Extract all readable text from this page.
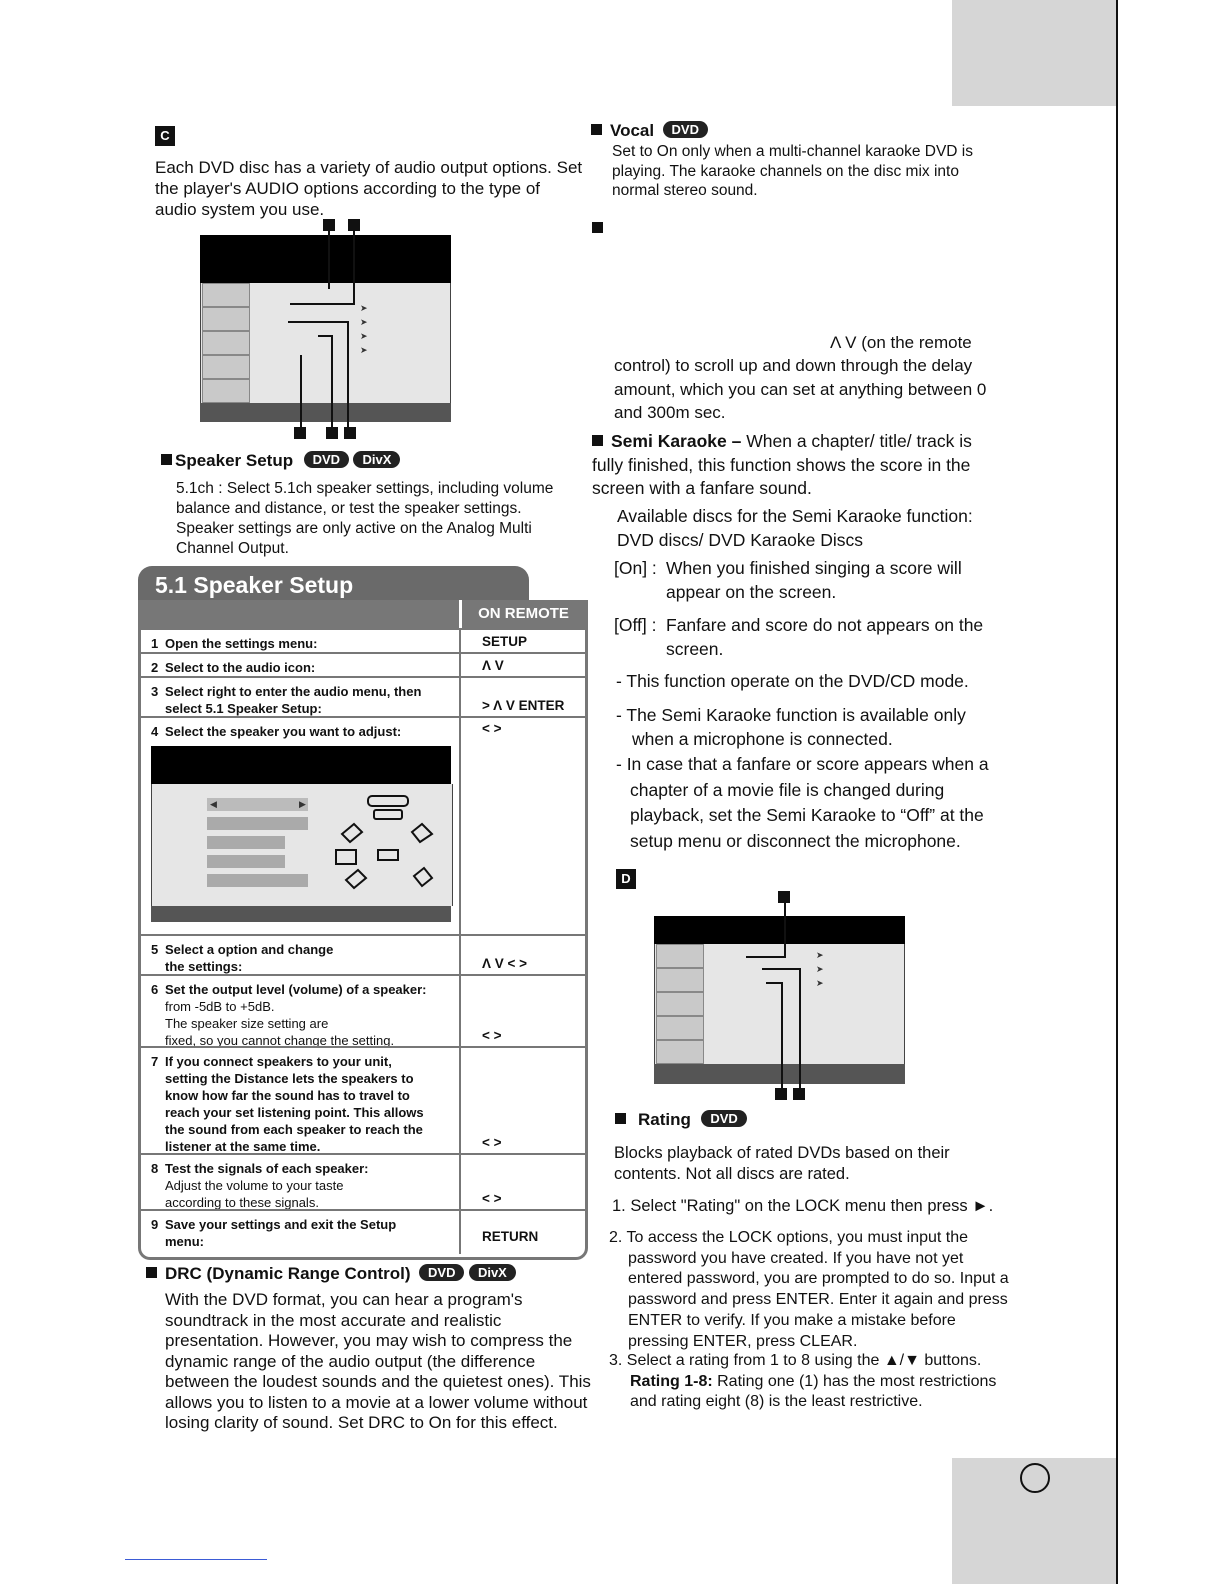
C
Each DVD disc has a variety of audio output options. Set the player's AUDIO options according to the type of audio system you use.
➤
➤
➤
➤
Speaker Setup DVD DivX
5.1ch : Select 5.1ch speaker settings, including volume balance and distance, or test the speaker settings. Speaker settings are only active on the Analog Multi Channel Output.
5.1 Speaker Setup
ON REMOTE
1 Open the settings menu:	SETUP
2 Select to the audio icon:	Λ V
3 Select right to enter the audio menu, then
select 5.1 Speaker Setup:	> Λ V ENTER
4 Select the speaker you want to adjust:	< >
◀	▶
5 Select a option and change
the settings:	Λ V < >
6 Set the output level (volume) of a speaker:
from -5dB to +5dB.
The speaker size setting are
fixed, so you cannot change the setting.	< >
7 If you connect speakers to your unit,
setting the Distance lets the speakers to
know how far the sound has to travel to
reach your set listening point. This allows
the sound from each speaker to reach the
listener at the same time.	< >
8 Test the signals of each speaker:
Adjust the volume to your taste
according to these signals.	< >
9 Save your settings and exit the Setup
menu:	RETURN
DRC (Dynamic Range Control) DVD DivX
With the DVD format, you can hear a program's soundtrack in the most accurate and realistic presentation. However, you may wish to compress the dynamic range of the audio output (the difference between the loudest sounds and the quietest ones). This allows you to listen to a movie at a lower volume without losing clarity of sound. Set DRC to On for this effect.
Vocal DVD
Set to On only when a multi-channel karaoke DVD is playing. The karaoke channels on the disc mix into normal stereo sound.
Λ V (on the remote
control) to scroll up and down through the delay amount, which you can set at anything between 0 and 300m sec.
Semi Karaoke – When a chapter/ title/ track is fully finished, this function shows the score in the screen with a fanfare sound.
Available discs for the Semi Karaoke function: DVD discs/ DVD Karaoke Discs
[On] : When you finished singing a score will appear on the screen.
[Off] : Fanfare and score do not appears on the screen.
- This function operate on the DVD/CD mode.
- The Semi Karaoke function is available only when a microphone is connected.
- In case that a fanfare or score appears when a chapter of a movie file is changed during playback, set the Semi Karaoke to “Off” at the setup menu or disconnect the microphone.
D
➤
➤
➤
Rating DVD
Blocks playback of rated DVDs based on their contents. Not all discs are rated.
1. Select "Rating" on the LOCK menu then press ►.
2. To access the LOCK options, you must input the password you have created. If you have not yet entered password, you are prompted to do so. Input a password and press ENTER. Enter it again and press ENTER to verify. If you make a mistake before pressing ENTER, press CLEAR.
3. Select a rating from 1 to 8 using the ▲/▼ buttons.
Rating 1-8: Rating one (1) has the most restrictions and rating eight (8) is the least restrictive.
